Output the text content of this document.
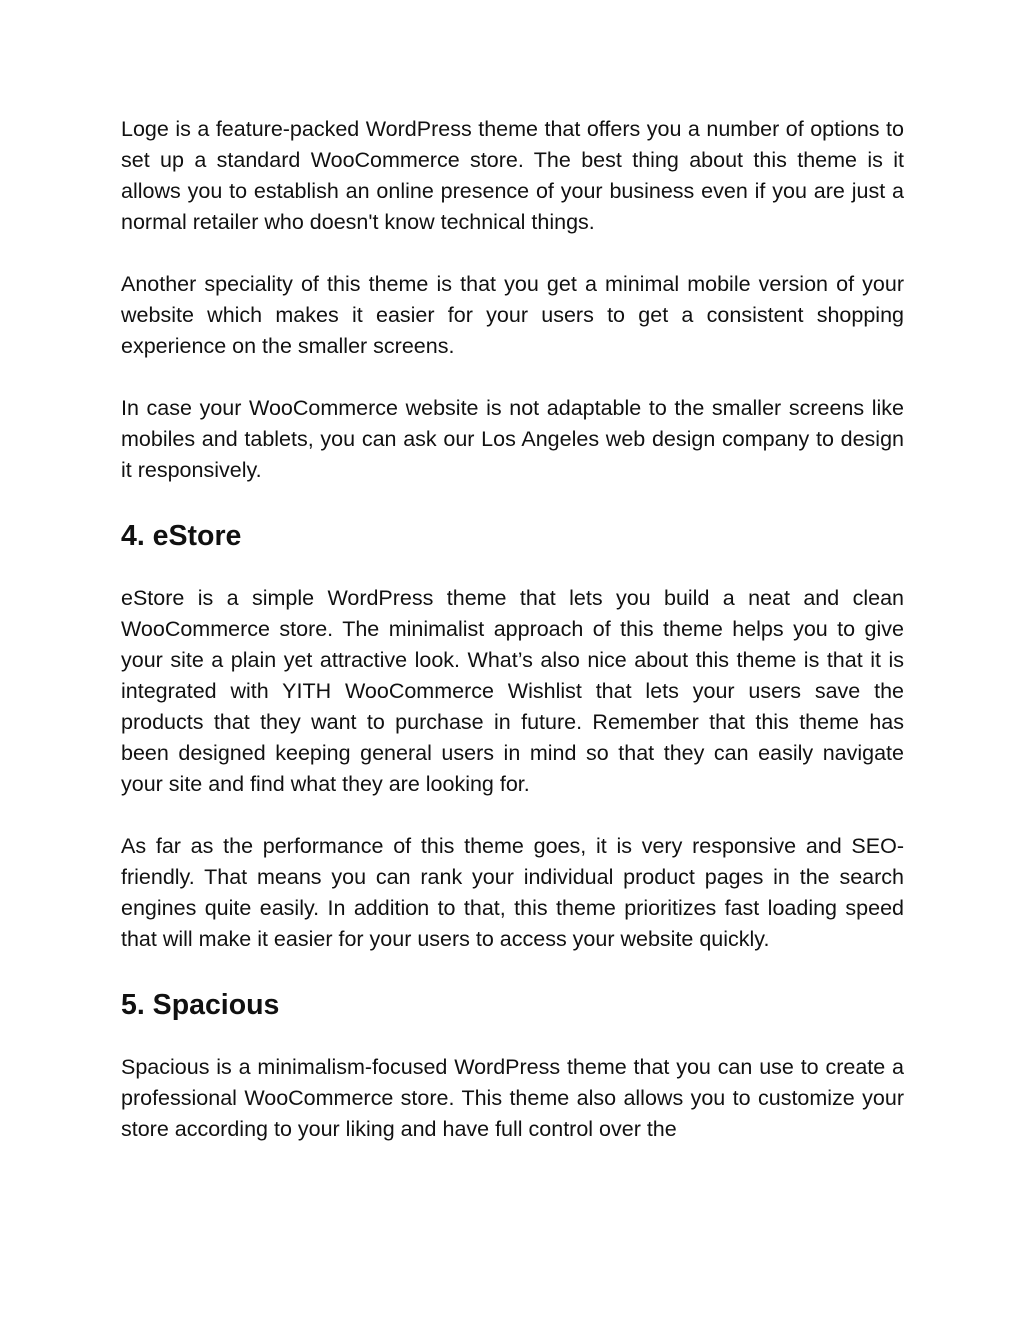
Loge is a feature-packed WordPress theme that offers you a number of options to set up a standard WooCommerce store. The best thing about this theme is it allows you to establish an online presence of your business even if you are just a normal retailer who doesn't know technical things.

Another speciality of this theme is that you get a minimal mobile version of your website which makes it easier for your users to get a consistent shopping experience on the smaller screens.

In case your WooCommerce website is not adaptable to the smaller screens like mobiles and tablets, you can ask our Los Angeles web design company to design it responsively.

4. eStore

eStore is a simple WordPress theme that lets you build a neat and clean WooCommerce store. The minimalist approach of this theme helps you to give your site a plain yet attractive look. What’s also nice about this theme is that it is integrated with YITH WooCommerce Wishlist that lets your users save the products that they want to purchase in future. Remember that this theme has been designed keeping general users in mind so that they can easily navigate your site and find what they are looking for.

As far as the performance of this theme goes, it is very responsive and SEO-friendly. That means you can rank your individual product pages in the search engines quite easily. In addition to that, this theme prioritizes fast loading speed that will make it easier for your users to access your website quickly.

5. Spacious

Spacious is a minimalism-focused WordPress theme that you can use to create a professional WooCommerce store. This theme also allows you to customize your store according to your liking and have full control over the
